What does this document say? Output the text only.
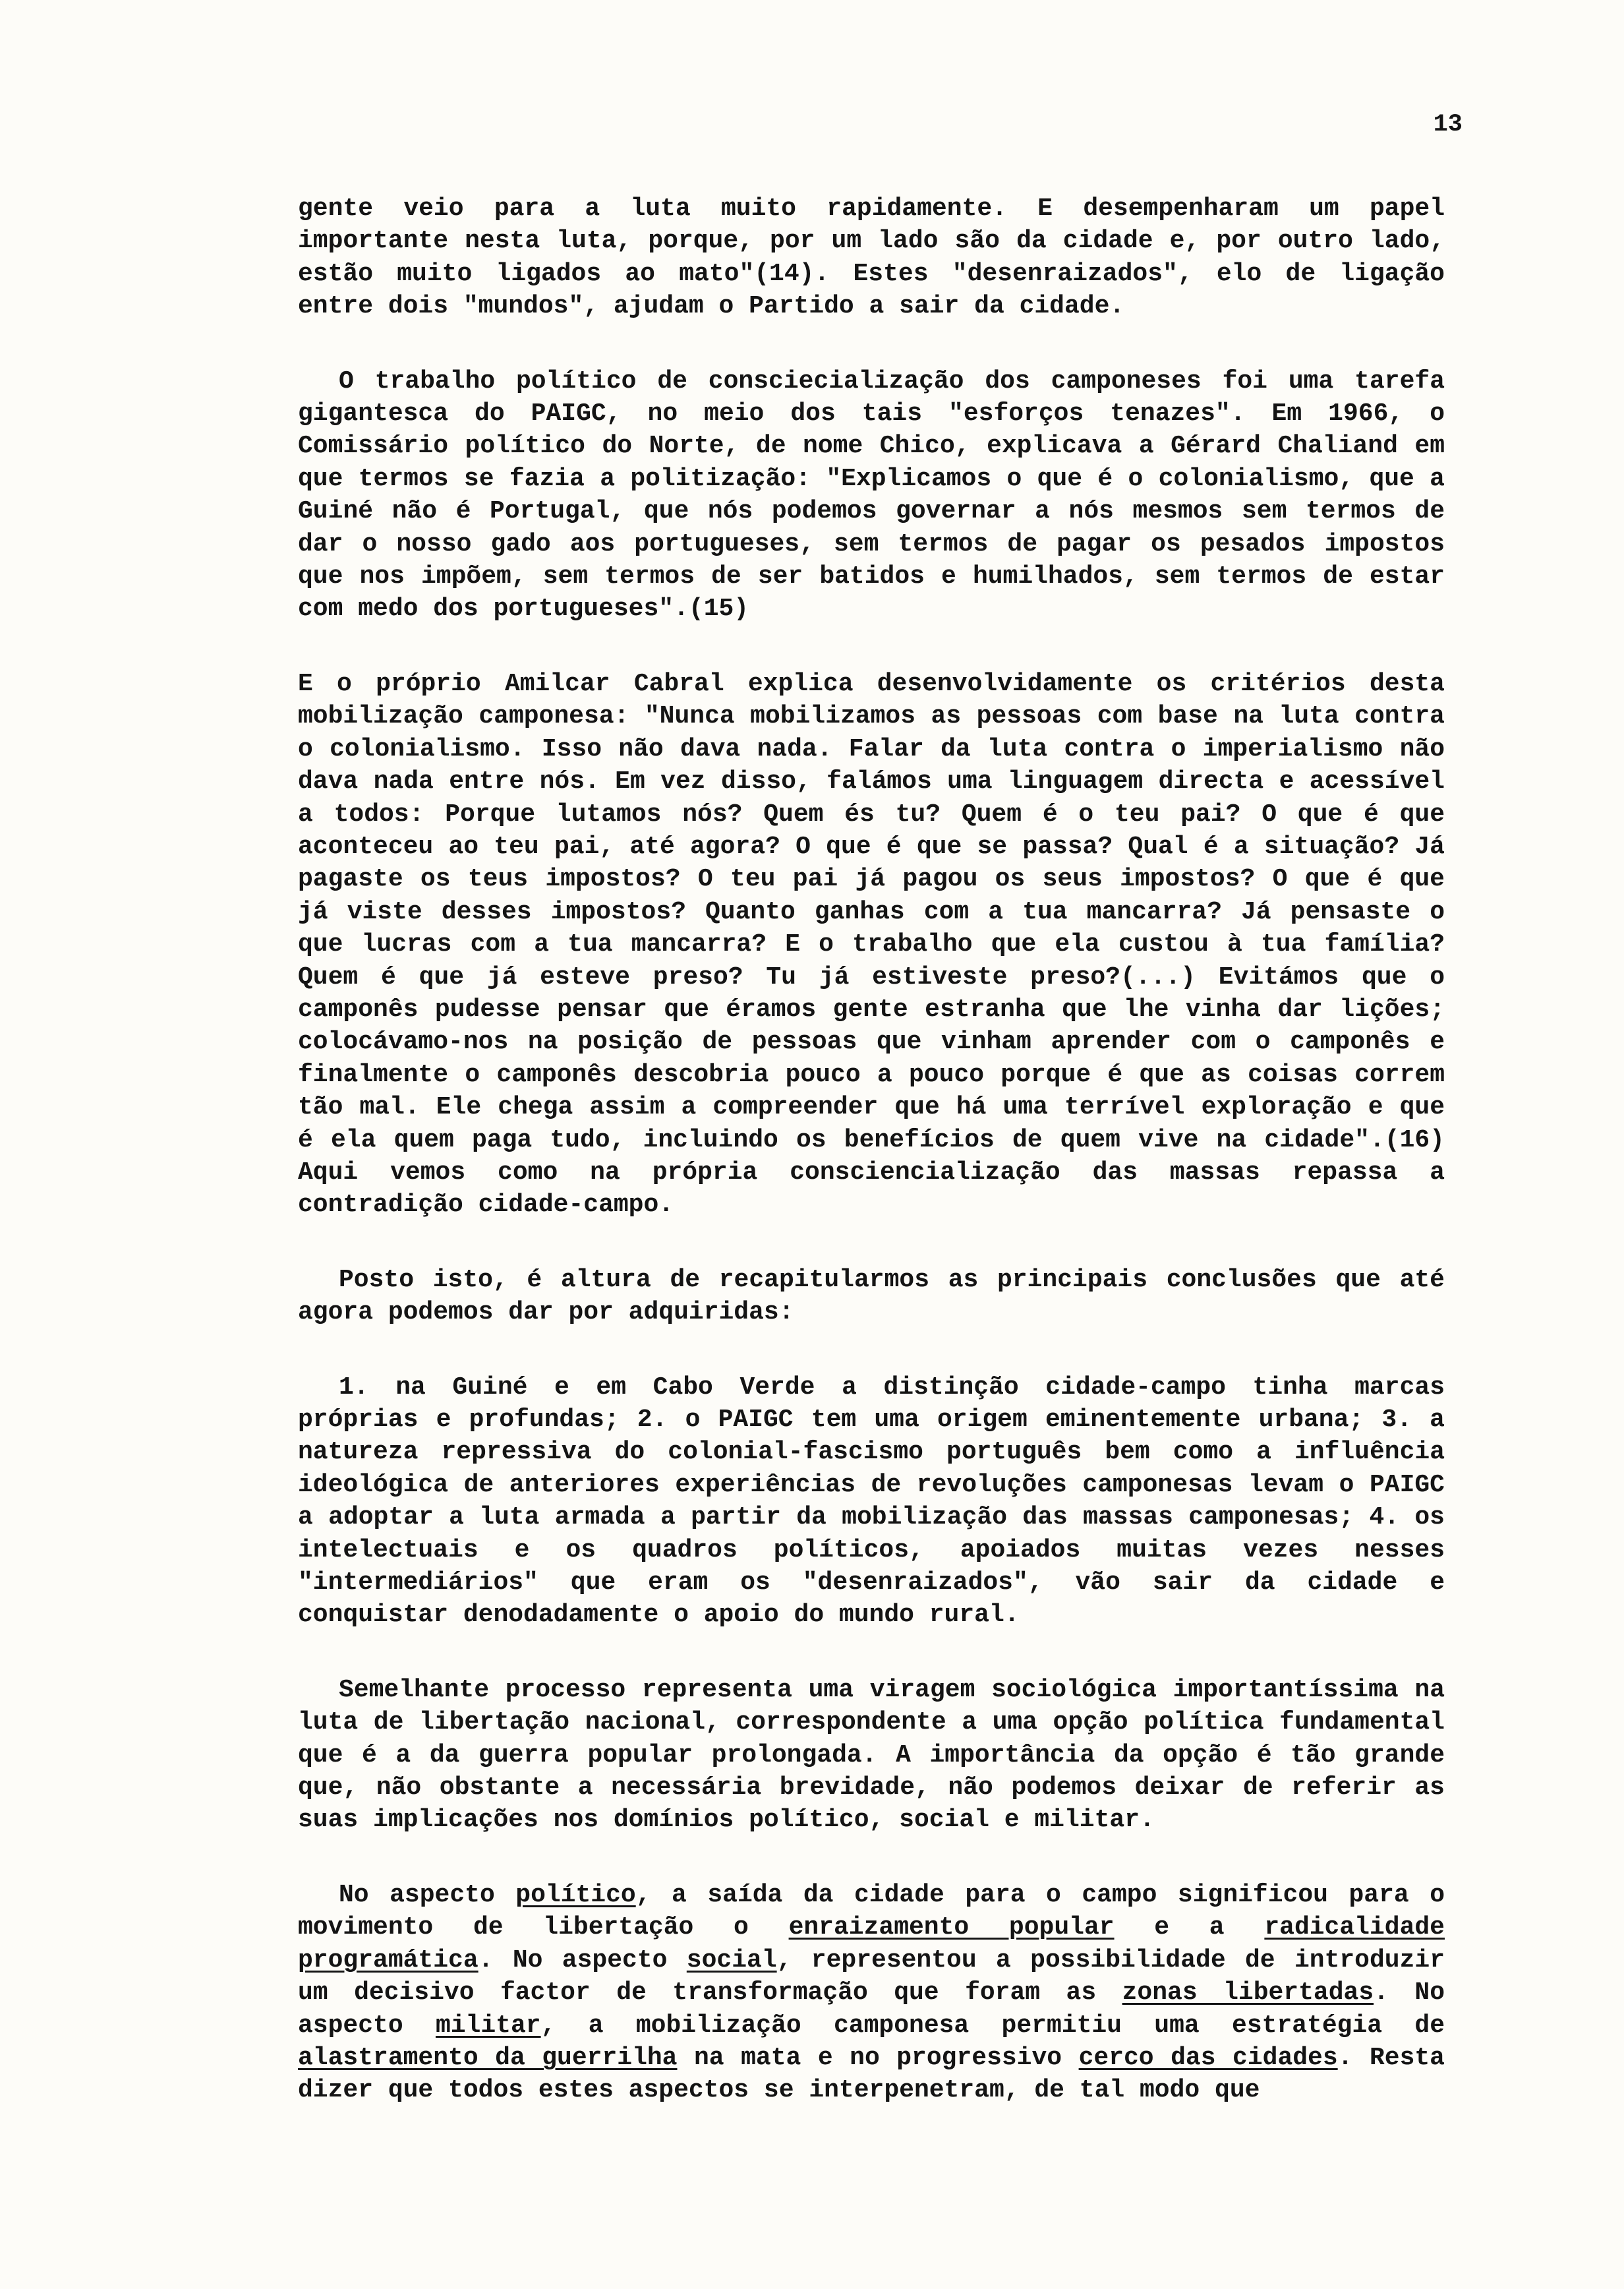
13

gente veio para a luta muito rapidamente. E desempenharam um papel importante nesta luta, porque, por um lado são da cidade e, por outro lado, estão muito ligados ao mato"(14). Estes "desenraizados", elo de ligação entre dois "mundos", ajudam o Partido a sair da cidade.

O trabalho político de consciecialização dos camponeses foi uma tarefa gigantesca do PAIGC, no meio dos tais "esforços tenazes". Em 1966, o Comissário político do Norte, de nome Chico, explicava a Gérard Chaliand em que termos se fazia a politização: "Explicamos o que é o colonialismo, que a Guiné não é Portugal, que nós podemos governar a nós mesmos sem termos de dar o nosso gado aos portugueses, sem termos de pagar os pesados impostos que nos impõem, sem termos de ser batidos e humilhados, sem termos de estar com medo dos portugueses".(15)

E o próprio Amilcar Cabral explica desenvolvidamente os critérios desta mobilização camponesa: "Nunca mobilizamos as pessoas com base na luta contra o colonialismo. Isso não dava nada. Falar da luta contra o imperialismo não dava nada entre nós. Em vez disso, falámos uma linguagem directa e acessível a todos: Porque lutamos nós? Quem és tu? Quem é o teu pai? O que é que aconteceu ao teu pai, até agora? O que é que se passa? Qual é a situação? Já pagaste os teus impostos? O teu pai já pagou os seus impostos? O que é que já viste desses impostos? Quanto ganhas com a tua mancarra? Já pensaste o que lucras com a tua mancarra? E o trabalho que ela custou à tua família? Quem é que já esteve preso? Tu já estiveste preso?(...) Evitámos que o camponês pudesse pensar que éramos gente estranha que lhe vinha dar lições; colocávamo-nos na posição de pessoas que vinham aprender com o camponês e finalmente o camponês descobria pouco a pouco porque é que as coisas correm tão mal. Ele chega assim a compreender que há uma terrível exploração e que é ela quem paga tudo, incluindo os benefícios de quem vive na cidade".(16) Aqui vemos como na própria consciencialização das massas repassa a contradição cidade-campo.

Posto isto, é altura de recapitularmos as principais conclusões que até agora podemos dar por adquiridas:

1. na Guiné e em Cabo Verde a distinção cidade-campo tinha marcas próprias e profundas; 2. o PAIGC tem uma origem eminentemente urbana; 3. a natureza repressiva do colonial-fascismo português bem como a influência ideológica de anteriores experiências de revoluções camponesas levam o PAIGC a adoptar a luta armada a partir da mobilização das massas camponesas; 4. os intelectuais e os quadros políticos, apoiados muitas vezes nesses "intermediários" que eram os "desenraizados", vão sair da cidade e conquistar denodadamente o apoio do mundo rural.

Semelhante processo representa uma viragem sociológica importantíssima na luta de libertação nacional, correspondente a uma opção política fundamental que é a da guerra popular prolongada. A importância da opção é tão grande que, não obstante a necessária brevidade, não podemos deixar de referir as suas implicações nos domínios político, social e militar.

No aspecto político, a saída da cidade para o campo significou para o movimento de libertação o enraizamento popular e a radicalidade programática. No aspecto social, representou a possibilidade de introduzir um decisivo factor de transformação que foram as zonas libertadas. No aspecto militar, a mobilização camponesa permitiu uma estratégia de alastramento da guerrilha na mata e no progressivo cerco das cidades. Resta dizer que todos estes aspectos se interpenetram, de tal modo que
